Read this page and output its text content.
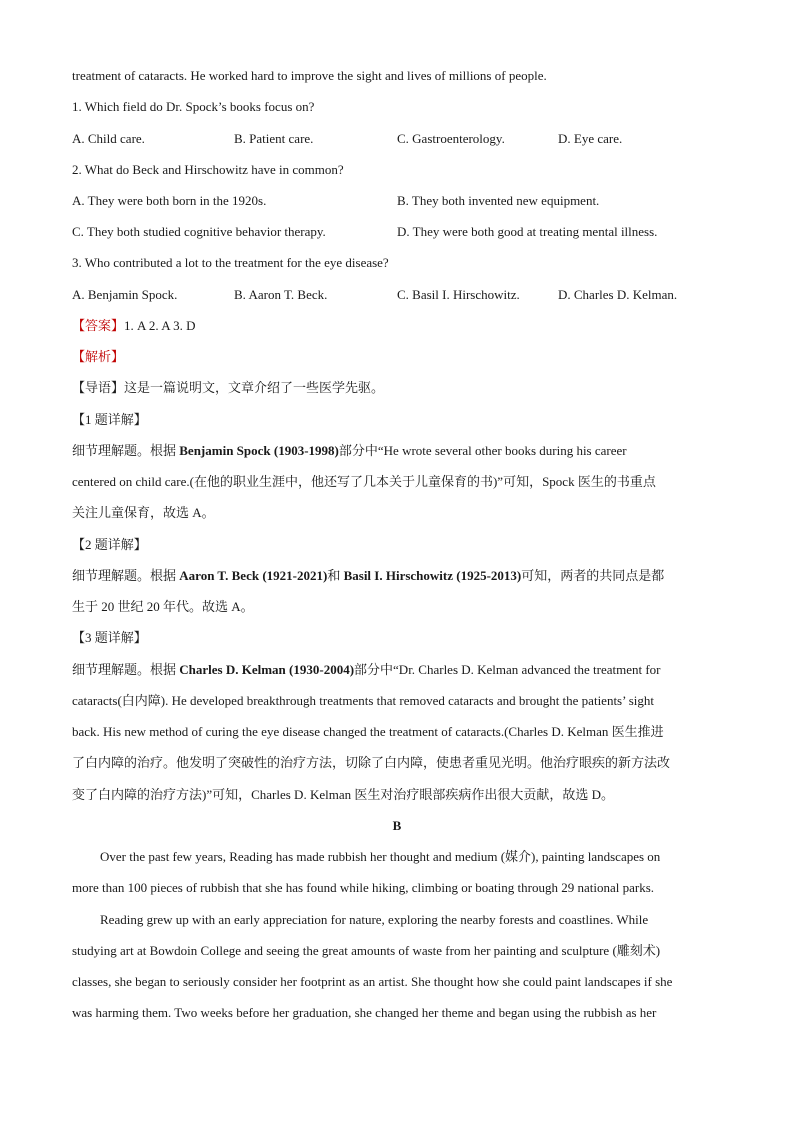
treatment of cataracts. He worked hard to improve the sight and lives of millions of people.
1. Which field do Dr. Spock’s books focus on?
A. Child care.	B. Patient care.	C. Gastroenterology.	D. Eye care.
2. What do Beck and Hirschowitz have in common?
A. They were both born in the 1920s.	B. They both invented new equipment.
C. They both studied cognitive behavior therapy.	D. They were both good at treating mental illness.
3. Who contributed a lot to the treatment for the eye disease?
A. Benjamin Spock.	B. Aaron T. Beck.	C. Basil I. Hirschowitz.	D. Charles D. Kelman.
【答案】1. A 2. A 3. D
【解析】
【导语】这是一篇说明文，文章介绍了一些医学先驱。
【1 题详解】
细节理解题。根据 Benjamin Spock (1903-1998)部分中“He wrote several other books during his career
centered on child care.(在他的职业生涯中，他还写了几本关于儿童保育的书)”可知，Spock 医生的书重点
关注儿童保育，故选 A。
【2 题详解】
细节理解题。根据 Aaron T. Beck (1921-2021)和 Basil I. Hirschowitz (1925-2013)可知，两者的共同点是都
生于 20 世纪 20 年代。故选 A。
【3 题详解】
细节理解题。根据 Charles D. Kelman (1930-2004)部分中“Dr. Charles D. Kelman advanced the treatment for
cataracts(白内障). He developed breakthrough treatments that removed cataracts and brought the patients’ sight
back. His new method of curing the eye disease changed the treatment of cataracts.(Charles D. Kelman 医生推进
了白内障的治疗。他发明了突破性的治疗方法，切除了白内障，使患者重见光明。他治疗眼疾的新方法改
变了白内障的治疗方法)”可知，Charles D. Kelman 医生对治疗眼部疾病作出很大贡献，故选 D。
B
Over the past few years, Reading has made rubbish her thought and medium (媒介), painting landscapes on
more than 100 pieces of rubbish that she has found while hiking, climbing or boating through 29 national parks.
Reading grew up with an early appreciation for nature, exploring the nearby forests and coastlines. While
studying art at Bowdoin College and seeing the great amounts of waste from her painting and sculpture (雕刻术)
classes, she began to seriously consider her footprint as an artist. She thought how she could paint landscapes if she
was harming them. Two weeks before her graduation, she changed her theme and began using the rubbish as her
